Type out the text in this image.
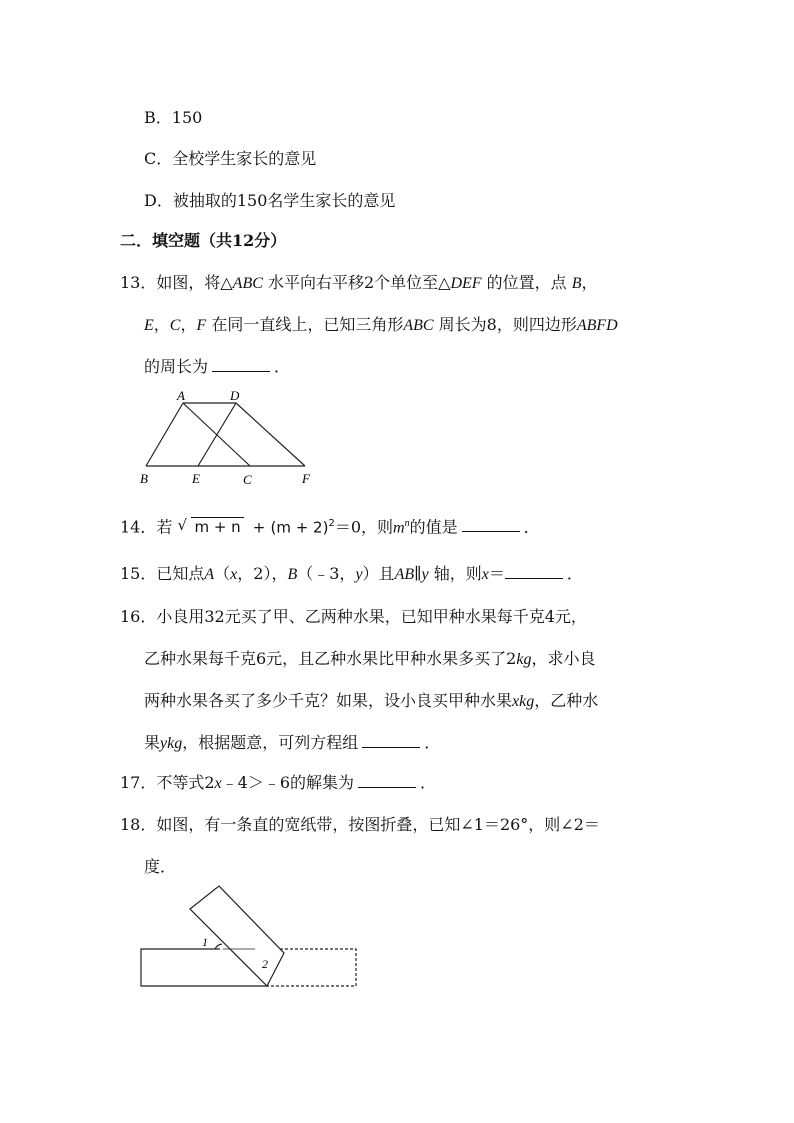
B．150
C．全校学生家长的意见
D．被抽取的150名学生家长的意见
二．填空题（共12分）
13．如图，将△ABC 水平向右平移2个单位至△DEF 的位置，点 B，
E，C，F 在同一直线上，已知三角形ABC 周长为8，则四边形ABFD
的周长为	．
A	D
B	E	C	F
14．若 √ $m + n + (m + 2)^2=0$，则$m^n$的值是	．
15．已知点A（x，2），B（﹣3，y）且AB∥y 轴，则x＝	．
16．小良用32元买了甲、乙两种水果，已知甲种水果每千克4元，
乙种水果每千克6元，且乙种水果比甲种水果多买了2kg，求小良
两种水果各买了多少千克？如果，设小良买甲种水果xkg，乙种水
果ykg，根据题意，可列方程组	．
17．不等式2x﹣4＞﹣6的解集为	．
18．如图，有一条直的宽纸带，按图折叠，已知∠1＝26°，则∠2＝
度．
1
2
